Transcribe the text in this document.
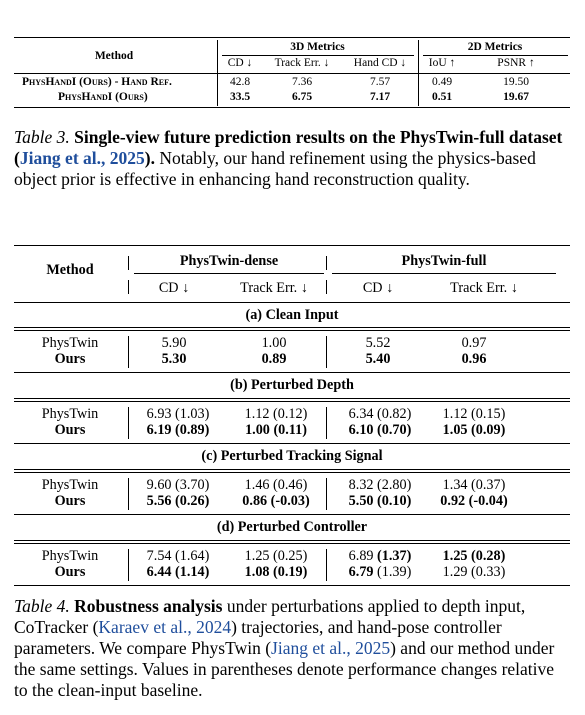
Method
3D Metrics	2D Metrics
CD ↓	Track Err. ↓	Hand CD ↓	IoU ↑	PSNR ↑
PhysHandI (Ours) - Hand Ref.	42.8	7.36	7.57	0.49	19.50
PhysHandI (Ours)	33.5	6.75	7.17	0.51	19.67
Table 3. Single-view future prediction results on the PhysTwin-full dataset (Jiang et al., 2025). Notably, our hand refinement using the physics-based object prior is effective in enhancing hand reconstruction quality.
Method
PhysTwin-dense	PhysTwin-full
CD ↓	Track Err. ↓	CD ↓	Track Err. ↓
(a) Clean Input
PhysTwin	5.90	1.00	5.52	0.97
Ours	5.30	0.89	5.40	0.96
(b) Perturbed Depth
PhysTwin	6.93 (1.03)	1.12 (0.12)	6.34 (0.82)	1.12 (0.15)
Ours	6.19 (0.89)	1.00 (0.11)	6.10 (0.70)	1.05 (0.09)
(c) Perturbed Tracking Signal
PhysTwin	9.60 (3.70)	1.46 (0.46)	8.32 (2.80)	1.34 (0.37)
Ours	5.56 (0.26)	0.86 (-0.03)	5.50 (0.10)	0.92 (-0.04)
(d) Perturbed Controller
PhysTwin	7.54 (1.64)	1.25 (0.25)	6.89 (1.37)	1.25 (0.28)
Ours	6.44 (1.14)	1.08 (0.19)	6.79 (1.39)	1.29 (0.33)
Table 4. Robustness analysis under perturbations applied to depth input, CoTracker (Karaev et al., 2024) trajectories, and hand-pose controller parameters. We compare PhysTwin (Jiang et al., 2025) and our method under the same settings. Values in parentheses denote performance changes relative to the clean-input baseline.
